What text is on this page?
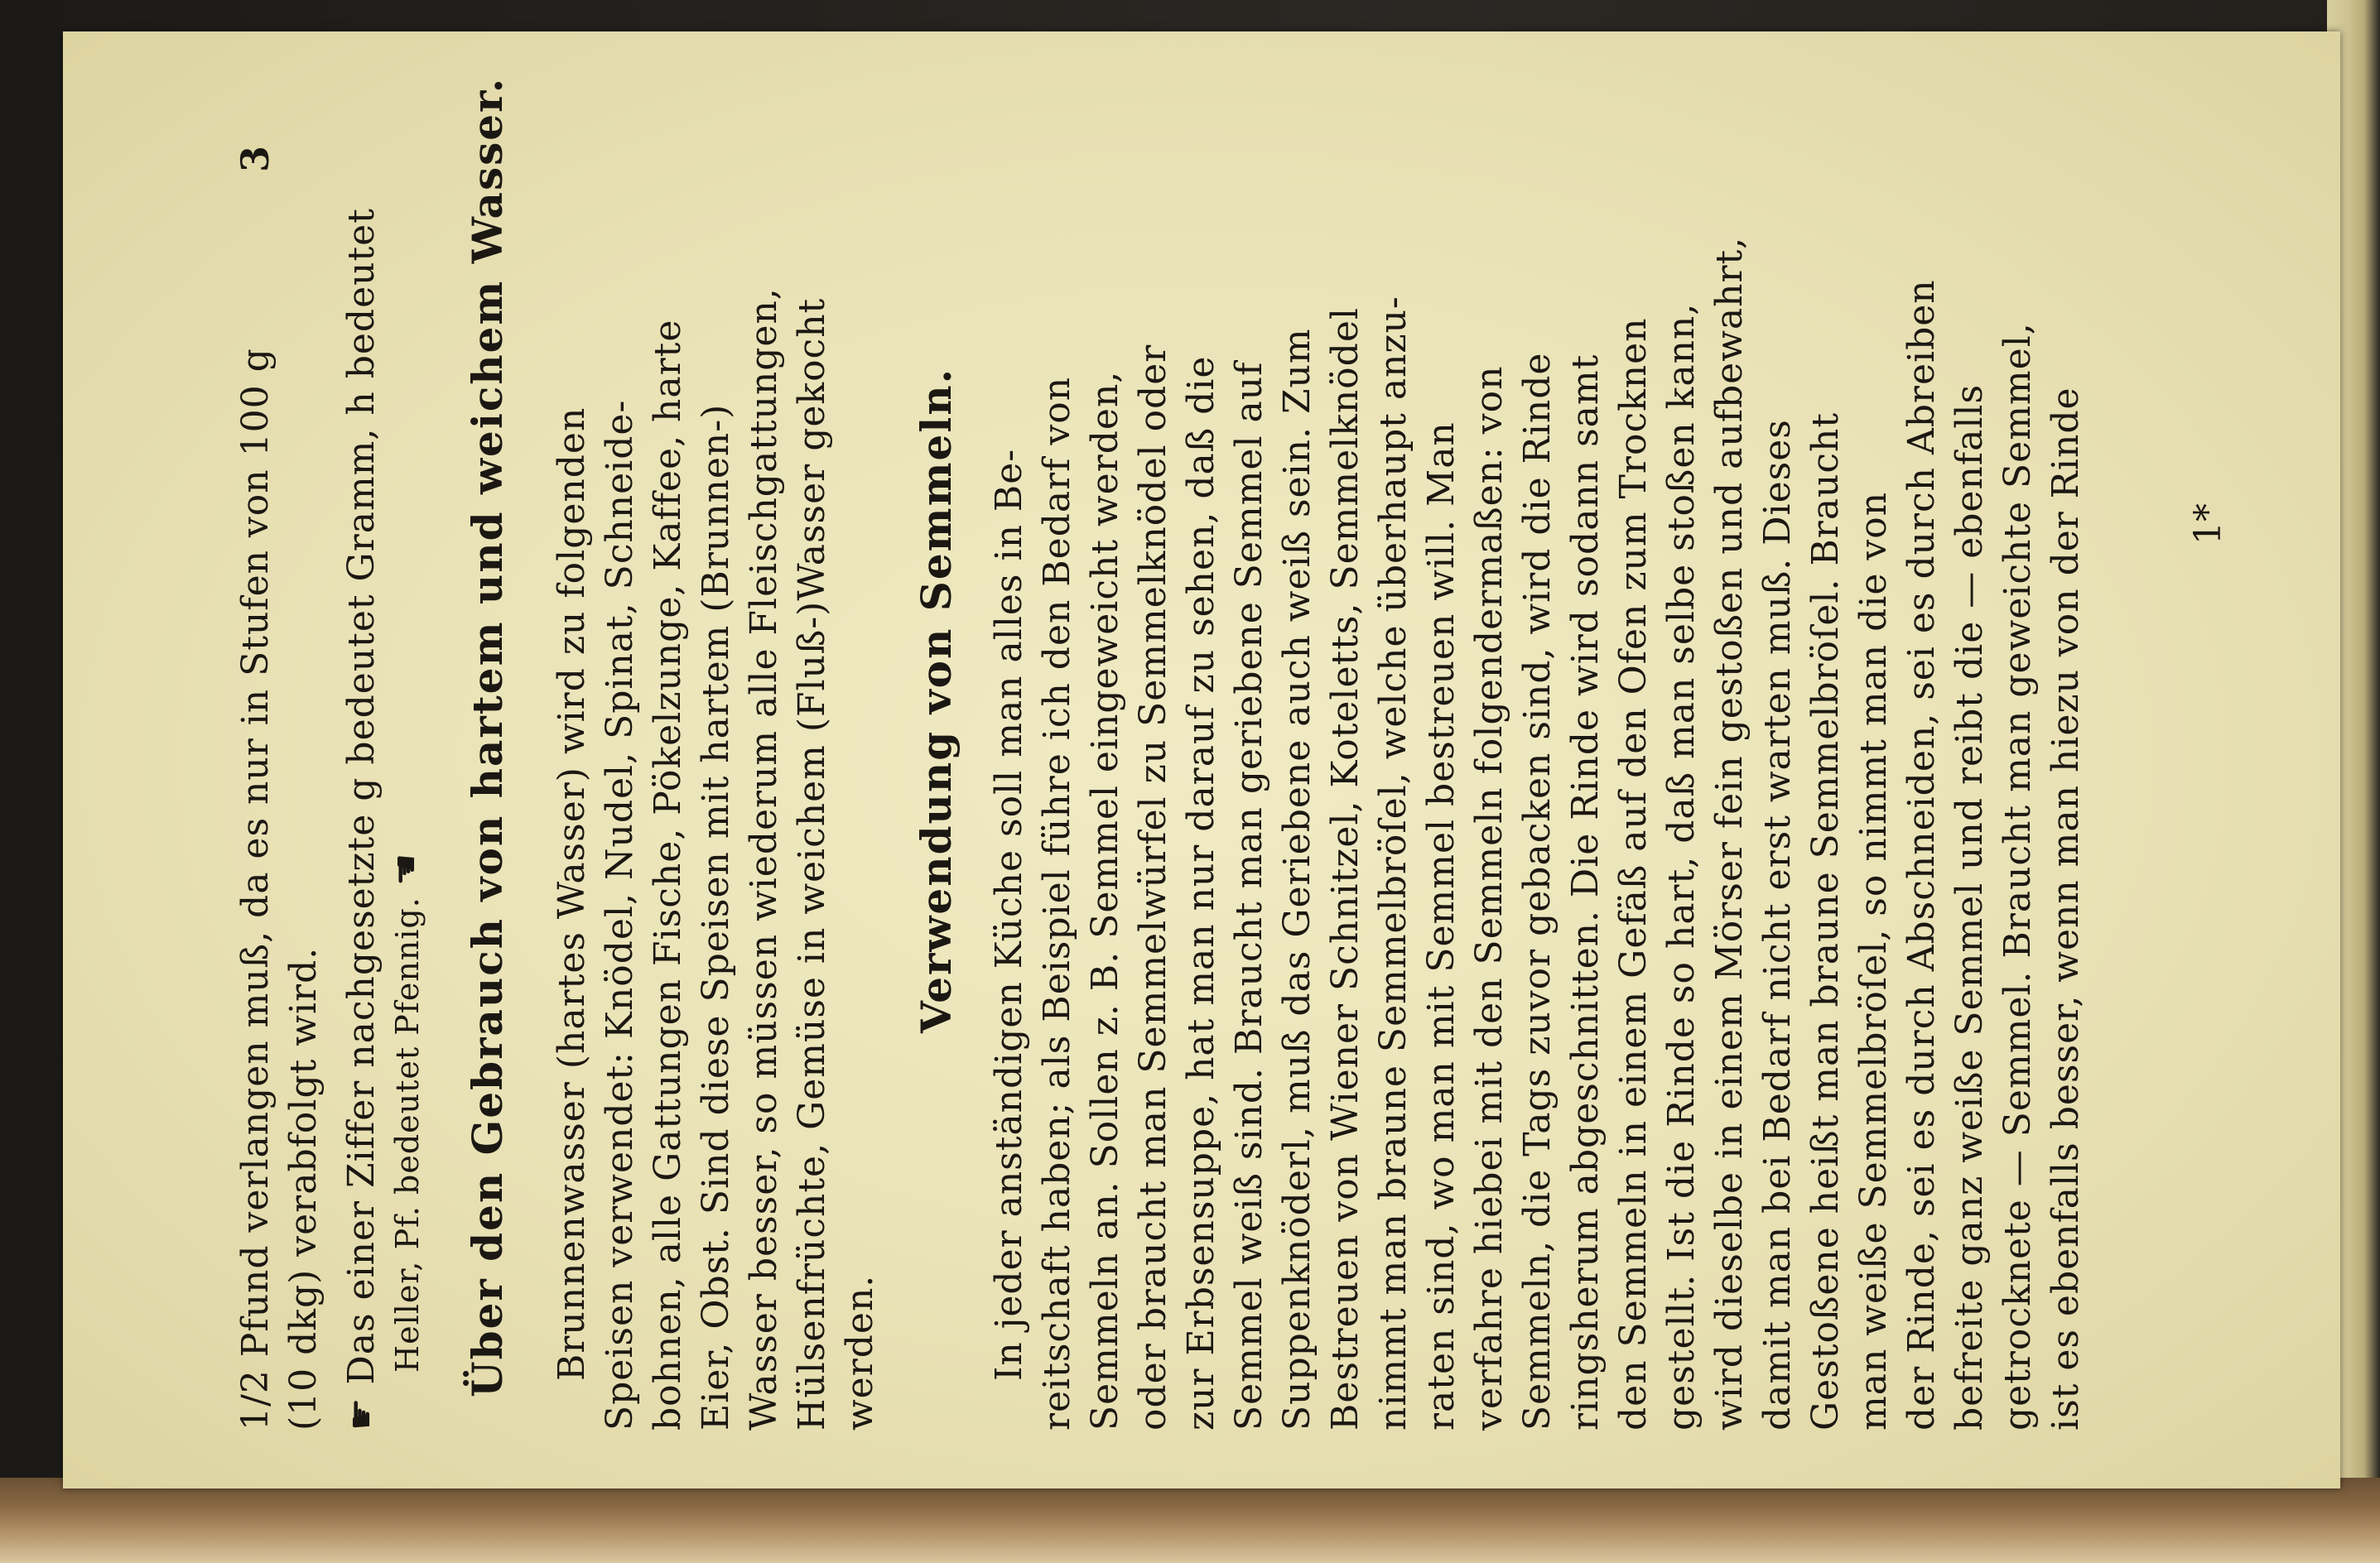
3
1/2 Pfund verlangen muß, da es nur in Stufen von 100 g (10 dkg) verabfolgt wird. ☛ Das einer Ziffer nachgesetzte g bedeutet Gramm, h bedeutet Heller, Pf. bedeutet Pfennig. ☚ Über den Gebrauch von hartem und weichem Wasser. Brunnenwasser (hartes Wasser) wird zu folgenden Speisen verwendet: Knödel, Nudel, Spinat, Schneide- bohnen, alle Gattungen Fische, Pökelzunge, Kaffee, harte Eier, Obst. Sind diese Speisen mit hartem (Brunnen-) Wasser besser, so müssen wiederum alle Fleischgattungen, Hülsenfrüchte, Gemüse in weichem (Fluß-)Wasser gekocht werden.
Verwendung von Semmeln. In jeder anständigen Küche soll man alles in Be- reitschaft haben; als Beispiel führe ich den Bedarf von Semmeln an. Sollen z. B. Semmel eingeweicht werden, oder braucht man Semmelwürfel zu Semmelknödel oder zur Erbsensuppe, hat man nur darauf zu sehen, daß die Semmel weiß sind. Braucht man geriebene Semmel auf Suppenknöderl, muß das Geriebene auch weiß sein. Zum Bestreuen von Wiener Schnitzel, Koteletts, Semmelknödel nimmt man braune Semmelbröſel, welche überhaupt anzu- raten sind, wo man mit Semmel bestreuen will. Man verfahre hiebei mit den Semmeln folgendermaßen: von Semmeln, die Tags zuvor gebacken sind, wird die Rinde ringsherum abgeschnitten. Die Rinde wird sodann samt den Semmeln in einem Gefäß auf den Ofen zum Trocknen gestellt. Ist die Rinde so hart, daß man selbe stoßen kann, wird dieselbe in einem Mörser fein gestoßen und aufbewahrt, damit man bei Bedarf nicht erst warten muß. Dieses Gestoßene heißt man braune Semmelbröſel. Braucht man weiße Semmelbröſel, so nimmt man die von der Rinde, sei es durch Abschneiden, sei es durch Abreiben befreite ganz weiße Semmel und reibt die — ebenfalls getrocknete — Semmel. Braucht man geweichte Semmel, ist es ebenfalls besser, wenn man hiezu von der Rinde	1*
